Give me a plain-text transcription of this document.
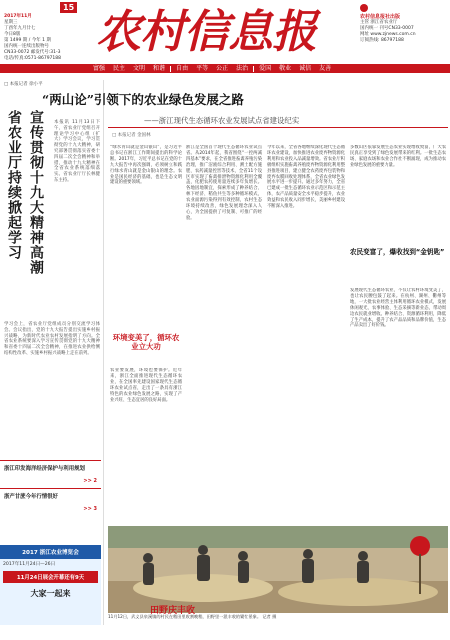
15
2017年11月
星期三
丁酉年九月廿七
今日8版
第 1499 期 / 今年 1 期
国内统一连续出版物号
CN33-0072 邮发代号:31-3
电话/传真:0571-86797188
农村信息报	农村信息报社出版
主管 浙江省农业厅
国内统一 刊号CN33-0007
网址 www.zjnews.com.cn
订阅热线: 86797188
富强	民主	文明	和谐	自由	平等	公正	法治	爱国	敬业	诚信	友善
□ 本报记者 徐小平
宣传贯彻十九大精神高潮
省农业厅持续掀起学习	本报讯 11月13日下午，省农业厅党组召开理论学习中心组（扩大）学习会议，学习贯彻党的十九大精神，研究部署贯彻落实省委十四届二次全会精神和举措，推动十九大精神在全省农业系统落细落实。省农业厅厅长林健东主持。
学习会上，省农业厅党组成员分别交流学习体会。会议指出，党的十九大报告提出实施乡村振兴战略，为新时代农业农村发展指明了方向。全省农业系统要深入学习宣传贯彻党的十九大精神和省委十四届二次全会精神，在推进农业供给侧结构性改革、实施乡村振兴战略上走在前列。
浙江印发海洋经济保护与利用规划
>> 2
浙产甘蔗今年行情很好
>> 3
2017 浙江农业博览会
2017年11月24日—26日
11月24日展会开幕还有9天
大家一起来
“两山论”引领下的农业绿色发展之路
——浙江现代生态循环农业发展试点省建设纪实
□ 本报记者 金国林
“绿水青山就是金山银山”，是习近平总书记在浙江工作期间提出的科学论断。2017年，习近平总书记在党的十九大报告中再次强调，必须树立和践行绿水青山就是金山银山的理念。农业是国民经济的基础，也是生态文明建设的重要领域。
环境变美了，循环农业立大功
农业要发展，环境也要保护。近年来，浙江全面推进现代生态循环农业，在全国率先建设国家现代生态循环农业试点省，走出了一条具有浙江特色的农业绿色发展之路，实现了产业兴旺、生态宜居的良好局面。
浙江是全国首个现代生态循环农业试点省。从2014年起，我省围绕“一控两减四基本”要求，在全省推进畜禽养殖污染治理，推广沼液综合利用、测土配方施肥、农药减量控害等技术，全省11个设区市实现了畜禽排泄物资源化利用全覆盖，化肥农药使用量连续多年负增长。各地因地制宜，探索形成了种养结合、林下经济、稻鱼共生等多种循环模式，农业面源污染得到有效控制，农村生态环境持续改善，绿色发展理念深入人心，为全国提供了可复制、可推广的经验。
今年以来，全省各地继续深化现代生态循环农业建设，加快推进农业废弃物资源化利用和农业投入品减量增效。省农业厅积极组织实施畜禽养殖废弃物资源化利用整县推进项目，建立健全农药废弃包装物和废弃农膜回收处理体系，全省农业绿色发展水平进一步提升。通过多年努力，全省已建成一批生态循环农业示范区和示范主体，农产品质量安全水平稳步提升，农业效益和农民收入同步增长，美丽乡村建设不断深入推进。
多数山区依靠发展生态农业实现增收致富，广大农民真正享受到了绿色发展带来的红利。一批生态农场、家庭农场和农业合作社不断涌现，成为推动农业绿色发展的重要力量。
农民变富了，爆收找到“金钥匙”
发展现代生态循环农业，不仅让农村环境变美了，也让农民腰包鼓了起来。在杭州、湖州、衢州等地，一大批农业经营主体利用循环农业模式，发展休闲观光、农事体验、生态采摘等新业态，带动周边农民就业增收。种养结合、资源循环利用，降低了生产成本，提升了农产品品质和品牌价值，生态产品卖出了好价钱。
田野庆丰收
11月12日，武义县泉溪镇的村民在稻田里收割晚稻，田野里一派丰收的繁忙景象。 记者 摄
